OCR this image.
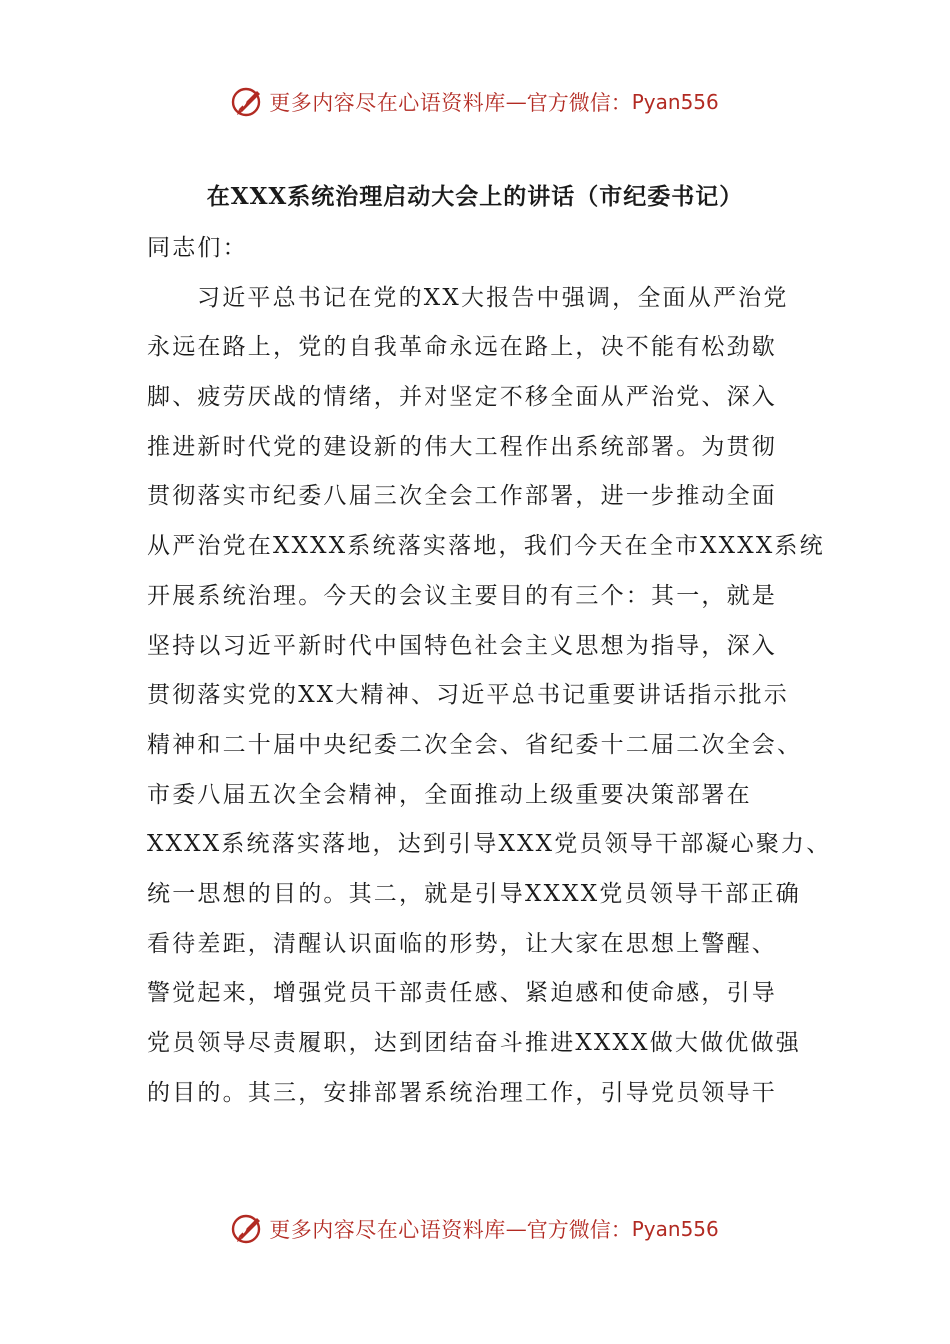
更多内容尽在心语资料库 — 官方微信： Pyan556
在XXX系统治理启动大会上的讲话（市纪委书记）
同志们：
习近平总书记在党的XX大报告中强调，全面从严治党
永远在路上，党的自我革命永远在路上，决不能有松劲歇
脚、疲劳厌战的情绪，并对坚定不移全面从严治党、深入
推进新时代党的建设新的伟大工程作出系统部署。为贯彻
贯彻落实市纪委八届三次全会工作部署，进一步推动全面
从严治党在XXXX系统落实落地，我们今天在全市XXXX系统
开展系统治理。今天的会议主要目的有三个：其一，就是
坚持以习近平新时代中国特色社会主义思想为指导，深入
贯彻落实党的XX大精神、习近平总书记重要讲话指示批示
精神和二十届中央纪委二次全会、省纪委十二届二次全会、
市委八届五次全会精神，全面推动上级重要决策部署在
XXXX系统落实落地，达到引导XXX党员领导干部凝心聚力、
统一思想的目的。其二，就是引导XXXX党员领导干部正确
看待差距，清醒认识面临的形势，让大家在思想上警醒、
警觉起来，增强党员干部责任感、紧迫感和使命感，引导
党员领导尽责履职，达到团结奋斗推进XXXX做大做优做强
的目的。其三，安排部署系统治理工作，引导党员领导干
更多内容尽在心语资料库 — 官方微信： Pyan556
